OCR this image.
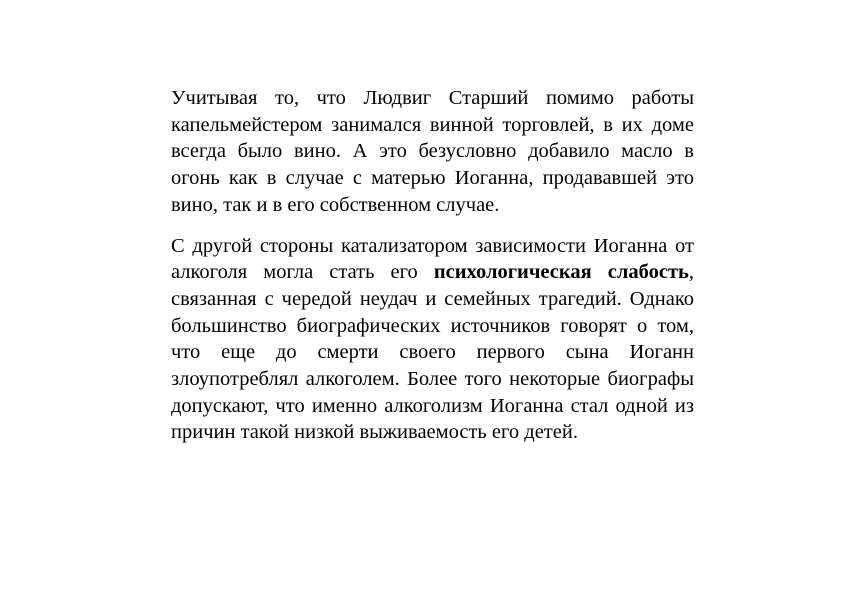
Учитывая то, что Людвиг Старший помимо работы капельмейстером занимался винной торговлей, в их доме всегда было вино. А это безусловно добавило масло в огонь как в случае с матерью Иоганна, продававшей это вино, так и в его собственном случае.

С другой стороны катализатором зависимости Иоганна от алкоголя могла стать его психологическая слабость, связанная с чередой неудач и семейных трагедий. Однако большинство биографических источников говорят о том, что еще до смерти своего первого сына Иоганн злоупотреблял алкоголем. Более того некоторые биографы допускают, что именно алкоголизм Иоганна стал одной из причин такой низкой выживаемость его детей.
